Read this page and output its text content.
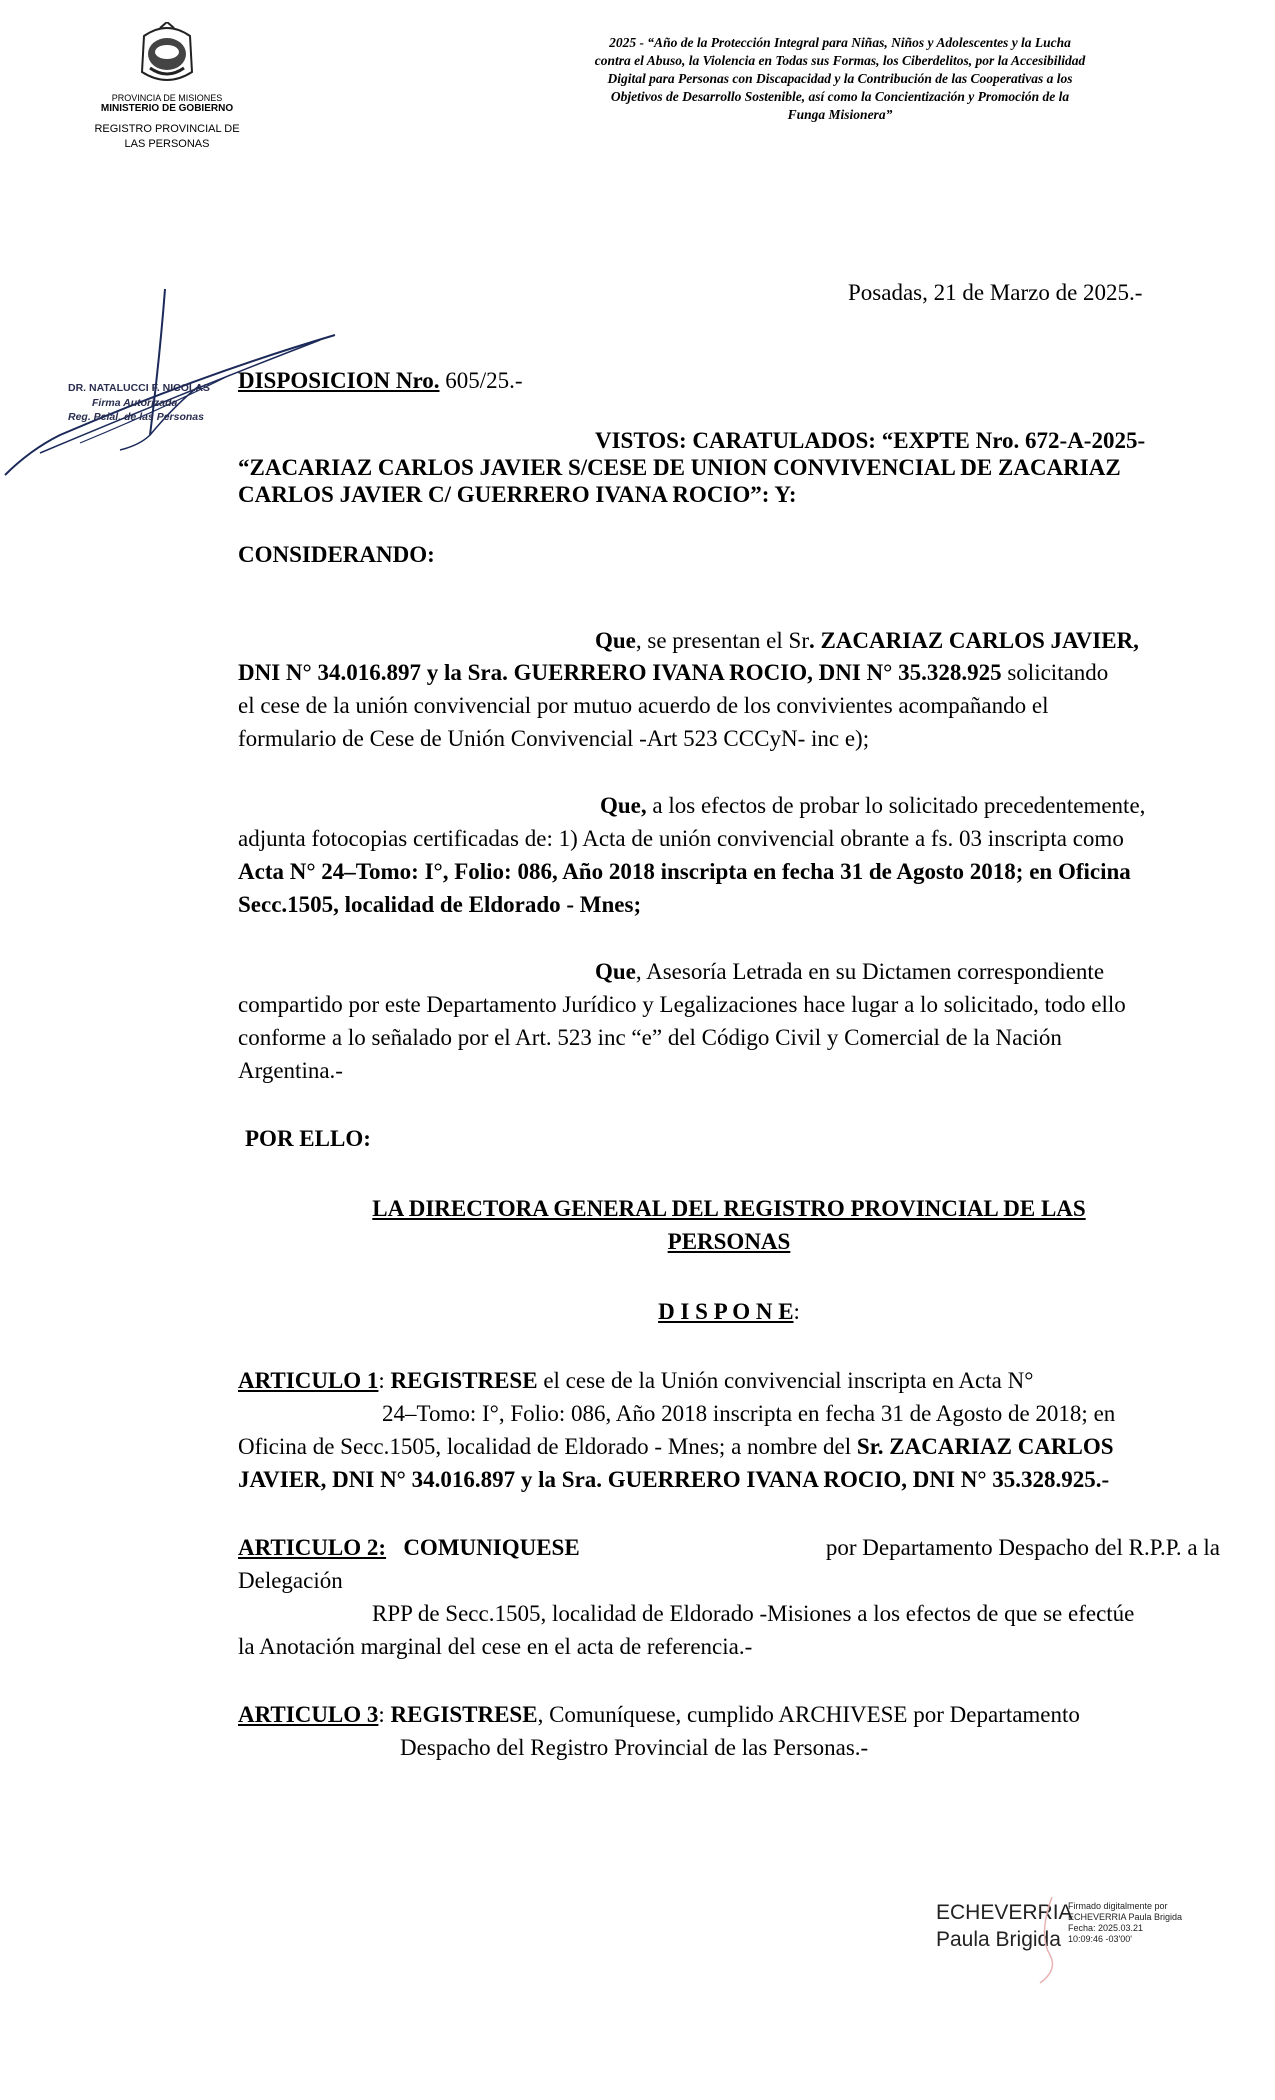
PROVINCIA DE MISIONES
MINISTERIO DE GOBIERNO
REGISTRO PROVINCIAL DE
LAS PERSONAS
2025 - “Año de la Protección Integral para Niñas, Niños y Adolescentes y la Lucha
contra el Abuso, la Violencia en Todas sus Formas, los Ciberdelitos, por la Accesibilidad
Digital para Personas con Discapacidad y la Contribución de las Cooperativas a los
Objetivos de Desarrollo Sostenible, así como la Concientización y Promoción de la
Funga Misionera”
Posadas, 21 de Marzo de 2025.-
DR. NATALUCCI F. NICOLAS
Firma Autorizada
Reg. Pcial. de las Personas
DISPOSICION Nro. 605/25.-
VISTOS: CARATULADOS: “EXPTE Nro. 672-A-2025-
“ZACARIAZ CARLOS JAVIER S/CESE DE UNION CONVIVENCIAL DE ZACARIAZ
CARLOS JAVIER C/ GUERRERO IVANA ROCIO”: Y:
CONSIDERANDO:
Que, se presentan el Sr. ZACARIAZ CARLOS JAVIER,
DNI N° 34.016.897 y la Sra. GUERRERO IVANA ROCIO, DNI N° 35.328.925 solicitando
el cese de la unión convivencial por mutuo acuerdo de los convivientes acompañando el
formulario de Cese de Unión Convivencial -Art 523 CCCyN- inc e);
Que, a los efectos de probar lo solicitado precedentemente,
adjunta fotocopias certificadas de: 1) Acta de unión convivencial obrante a fs. 03 inscripta como
Acta N° 24–Tomo: I°, Folio: 086, Año 2018 inscripta en fecha 31 de Agosto 2018; en Oficina
Secc.1505, localidad de Eldorado - Mnes;
Que, Asesoría Letrada en su Dictamen correspondiente
compartido por este Departamento Jurídico y Legalizaciones hace lugar a lo solicitado, todo ello
conforme a lo señalado por el Art. 523 inc “e” del Código Civil y Comercial de la Nación
Argentina.-
POR ELLO:
LA DIRECTORA GENERAL DEL REGISTRO PROVINCIAL DE LAS
PERSONAS
D I S P O N E:
ARTICULO 1: REGISTRESE el cese de la Unión convivencial inscripta en Acta N°
24–Tomo: I°, Folio: 086, Año 2018 inscripta en fecha 31 de Agosto de 2018; en
Oficina de Secc.1505, localidad de Eldorado - Mnes; a nombre del Sr. ZACARIAZ CARLOS
JAVIER, DNI N° 34.016.897 y la Sra. GUERRERO IVANA ROCIO, DNI N° 35.328.925.-
ARTICULO 2: COMUNIQUESE	por Departamento Despacho del R.P.P. a la
Delegación
RPP de Secc.1505, localidad de Eldorado -Misiones a los efectos de que se efectúe
la Anotación marginal del cese en el acta de referencia.-
ARTICULO 3: REGISTRESE, Comuníquese, cumplido ARCHIVESE por Departamento
Despacho del Registro Provincial de las Personas.-
ECHEVERRIA
Paula Brigida
Firmado digitalmente por
ECHEVERRIA Paula Brigida
Fecha: 2025.03.21
10:09:46 -03'00'
